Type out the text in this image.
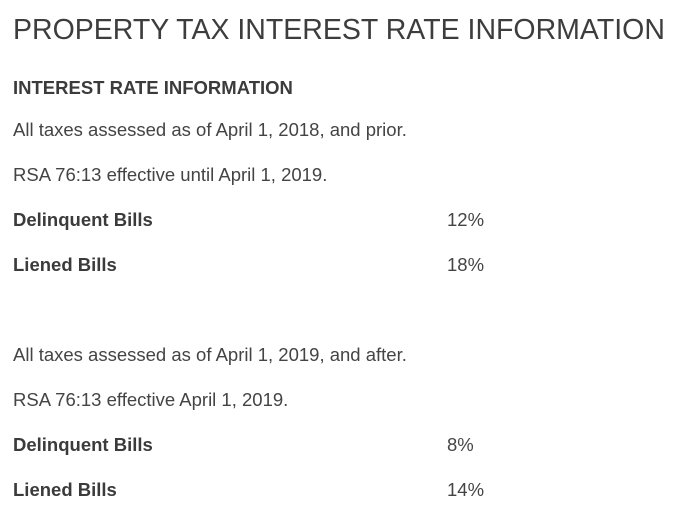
PROPERTY TAX INTEREST RATE INFORMATION
INTEREST RATE INFORMATION

All taxes assessed as of April 1, 2018, and prior.

RSA 76:13 effective until April 1, 2019.

Delinquent Bills	12%
Liened Bills	18%

All taxes assessed as of April 1, 2019, and after.

RSA 76:13 effective April 1, 2019.

Delinquent Bills	8%
Liened Bills	14%
